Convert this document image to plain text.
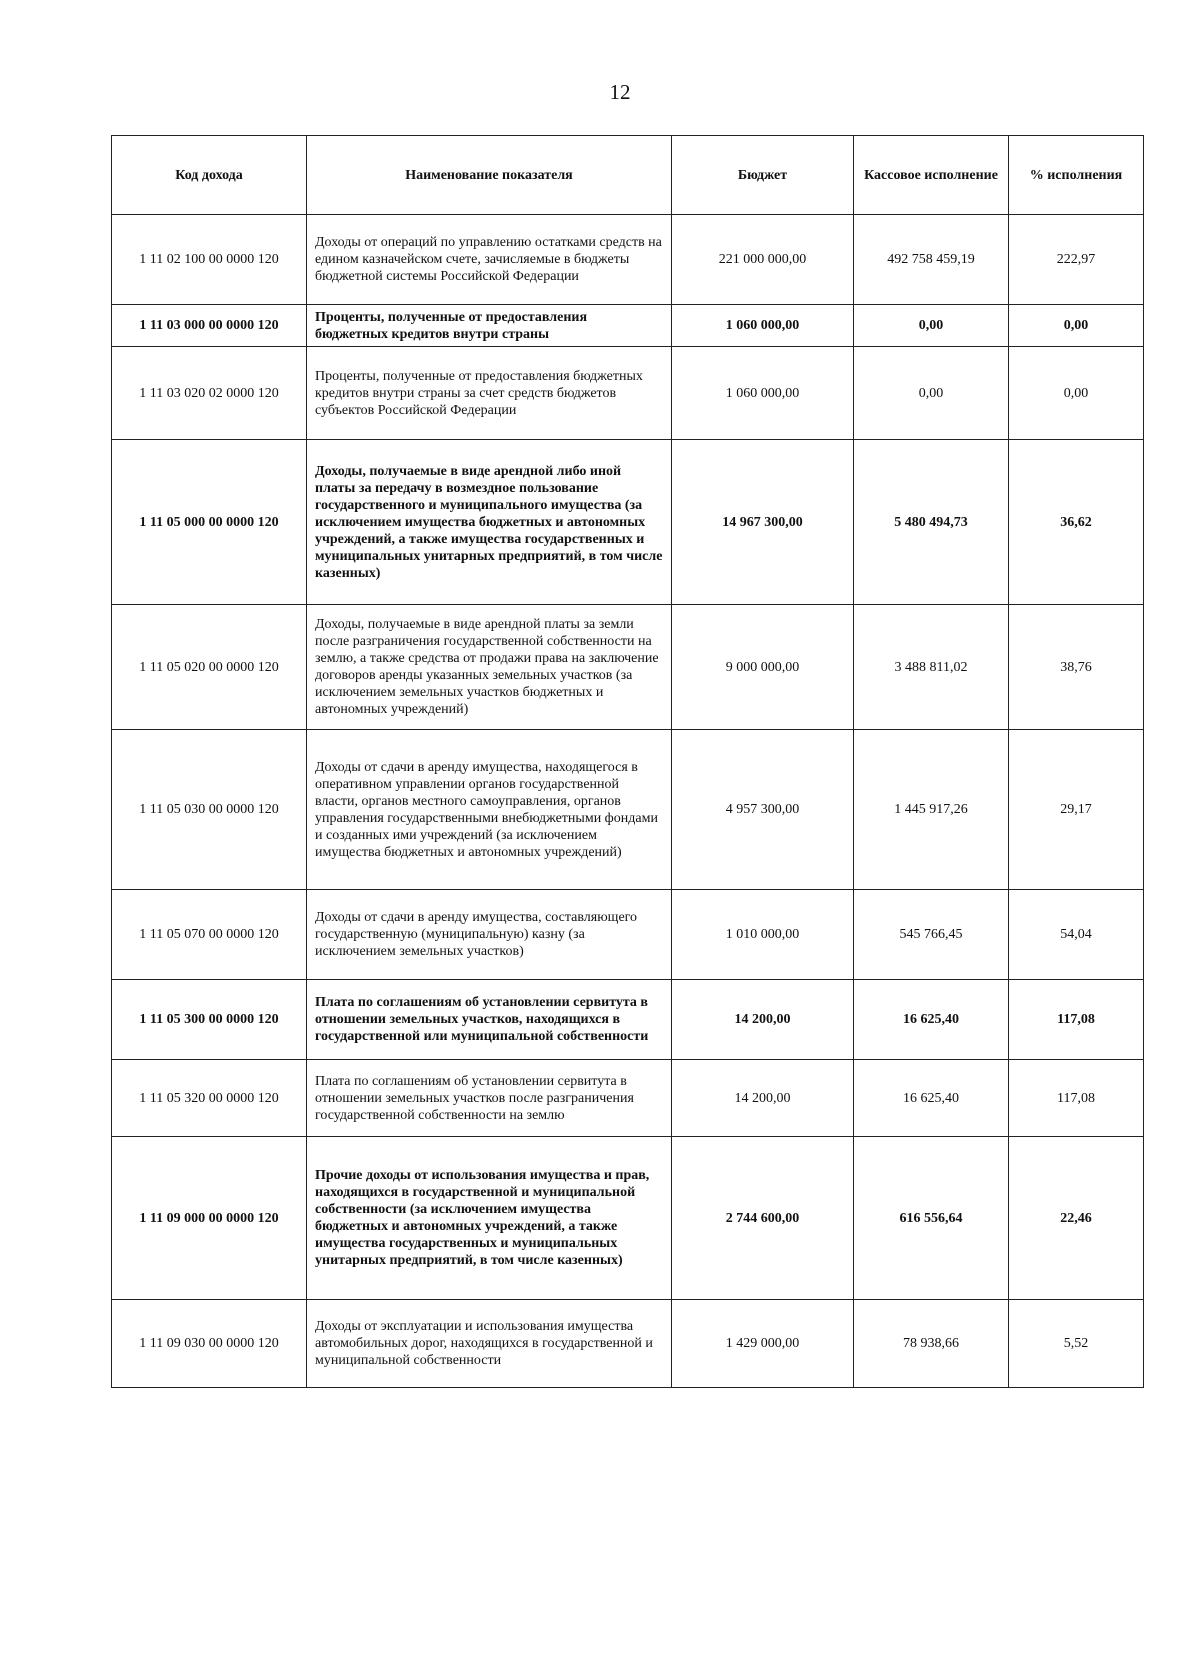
12
Код дохода	Наименование показателя	Бюджет	Кассовое исполнение	% исполнения
1 11 02 100 00 0000 120	Доходы от операций по управлению остатками средств на едином казначейском счете, зачисляемые в бюджеты бюджетной системы Российской Федерации	221 000 000,00	492 758 459,19	222,97
1 11 03 000 00 0000 120	Проценты, полученные от предоставления бюджетных кредитов внутри страны	1 060 000,00	0,00	0,00
1 11 03 020 02 0000 120	Проценты, полученные от предоставления бюджетных кредитов внутри страны за счет средств бюджетов субъектов Российской Федерации	1 060 000,00	0,00	0,00
1 11 05 000 00 0000 120	Доходы, получаемые в виде арендной либо иной платы за передачу в возмездное пользование государственного и муниципального имущества (за исключением имущества бюджетных и автономных учреждений, а также имущества государственных и муниципальных унитарных предприятий, в том числе казенных)	14 967 300,00	5 480 494,73	36,62
1 11 05 020 00 0000 120	Доходы, получаемые в виде арендной платы за земли после разграничения государственной собственности на землю, а также средства от продажи права на заключение договоров аренды указанных земельных участков (за исключением земельных участков бюджетных и автономных учреждений)	9 000 000,00	3 488 811,02	38,76
1 11 05 030 00 0000 120	Доходы от сдачи в аренду имущества, находящегося в оперативном управлении органов государственной власти, органов местного самоуправления, органов управления государственными внебюджетными фондами и созданных ими учреждений (за исключением имущества бюджетных и автономных учреждений)	4 957 300,00	1 445 917,26	29,17
1 11 05 070 00 0000 120	Доходы от сдачи в аренду имущества, составляющего государственную (муниципальную) казну (за исключением земельных участков)	1 010 000,00	545 766,45	54,04
1 11 05 300 00 0000 120	Плата по соглашениям об установлении сервитута в отношении земельных участков, находящихся в государственной или муниципальной собственности	14 200,00	16 625,40	117,08
1 11 05 320 00 0000 120	Плата по соглашениям об установлении сервитута в отношении земельных участков после разграничения государственной собственности на землю	14 200,00	16 625,40	117,08
1 11 09 000 00 0000 120	Прочие доходы от использования имущества и прав, находящихся в государственной и муниципальной собственности (за исключением имущества бюджетных и автономных учреждений, а также имущества государственных и муниципальных унитарных предприятий, в том числе казенных)	2 744 600,00	616 556,64	22,46
1 11 09 030 00 0000 120	Доходы от эксплуатации и использования имущества автомобильных дорог, находящихся в государственной и муниципальной собственности	1 429 000,00	78 938,66	5,52
